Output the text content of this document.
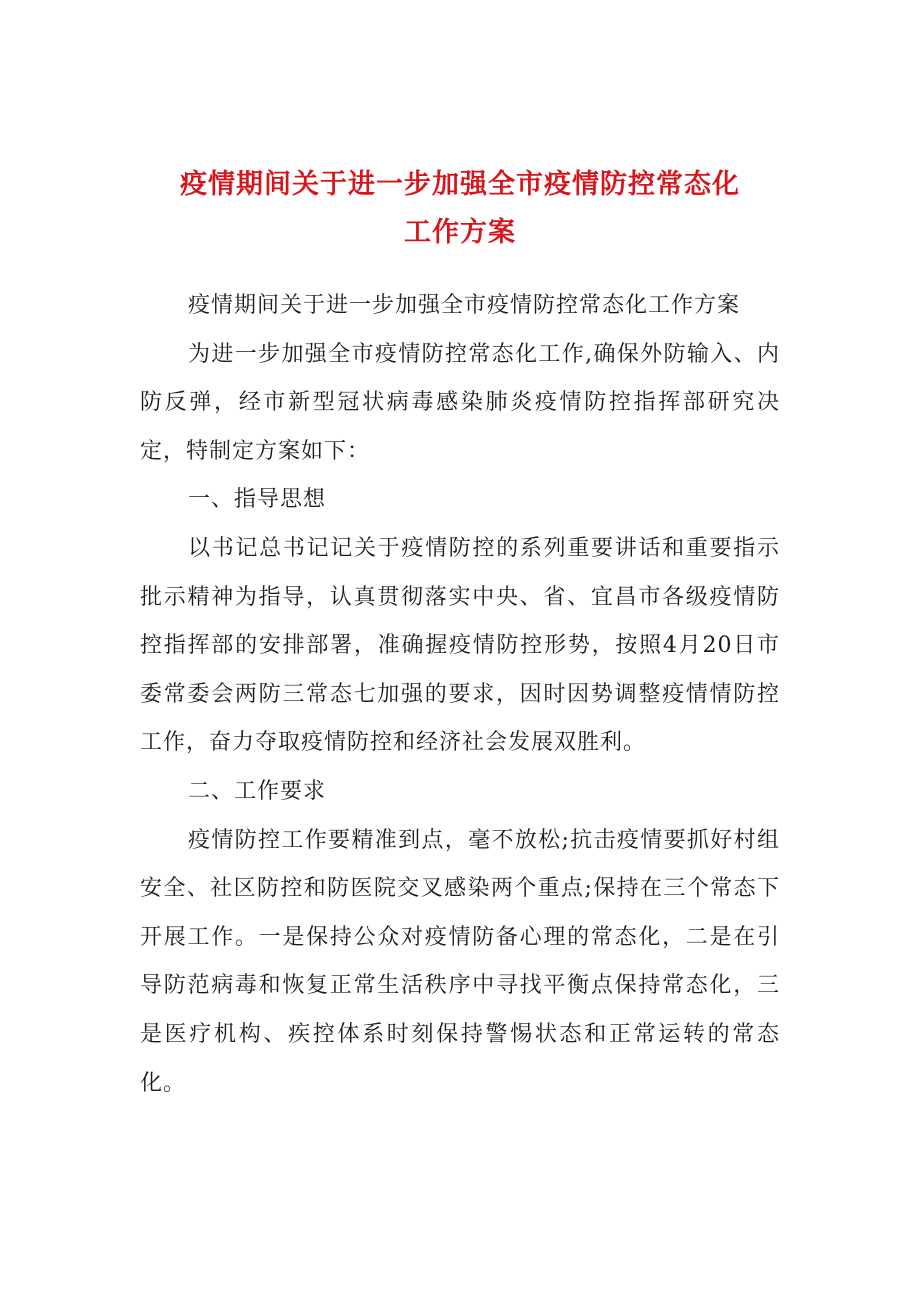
疫情期间关于进一步加强全市疫情防控常态化
工作方案

疫情期间关于进一步加强全市疫情防控常态化工作方案

为进一步加强全市疫情防控常态化工作,确保外防输入、内防反弹，经市新型冠状病毒感染肺炎疫情防控指挥部研究决定，特制定方案如下：

一、指导思想

以书记总书记记关于疫情防控的系列重要讲话和重要指示批示精神为指导，认真贯彻落实中央、省、宜昌市各级疫情防控指挥部的安排部署，准确握疫情防控形势，按照4月20日市委常委会两防三常态七加强的要求，因时因势调整疫情情防控工作，奋力夺取疫情防控和经济社会发展双胜利。

二、工作要求

疫情防控工作要精准到点，毫不放松;抗击疫情要抓好村组安全、社区防控和防医院交叉感染两个重点;保持在三个常态下开展工作。一是保持公众对疫情防备心理的常态化，二是在引导防范病毒和恢复正常生活秩序中寻找平衡点保持常态化，三是医疗机构、疾控体系时刻保持警惕状态和正常运转的常态化。
